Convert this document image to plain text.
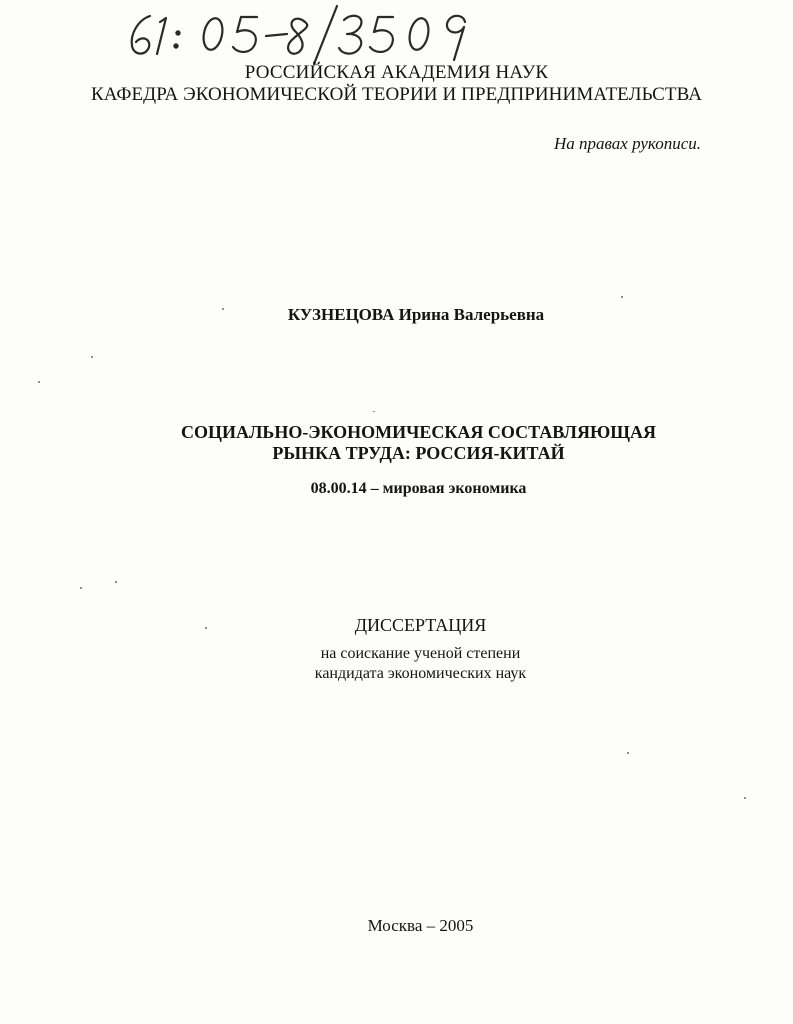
61:05-8/3509
РОССИЙСКАЯ АКАДЕМИЯ НАУК
КАФЕДРА ЭКОНОМИЧЕСКОЙ ТЕОРИИ И ПРЕДПРИНИМАТЕЛЬСТВА
На правах рукописи.
КУЗНЕЦОВА Ирина Валерьевна
СОЦИАЛЬНО-ЭКОНОМИЧЕСКАЯ СОСТАВЛЯЮЩАЯ
РЫНКА ТРУДА: РОССИЯ-КИТАЙ
08.00.14 – мировая экономика
ДИССЕРТАЦИЯ
на соискание ученой степени
кандидата экономических наук
Москва – 2005
